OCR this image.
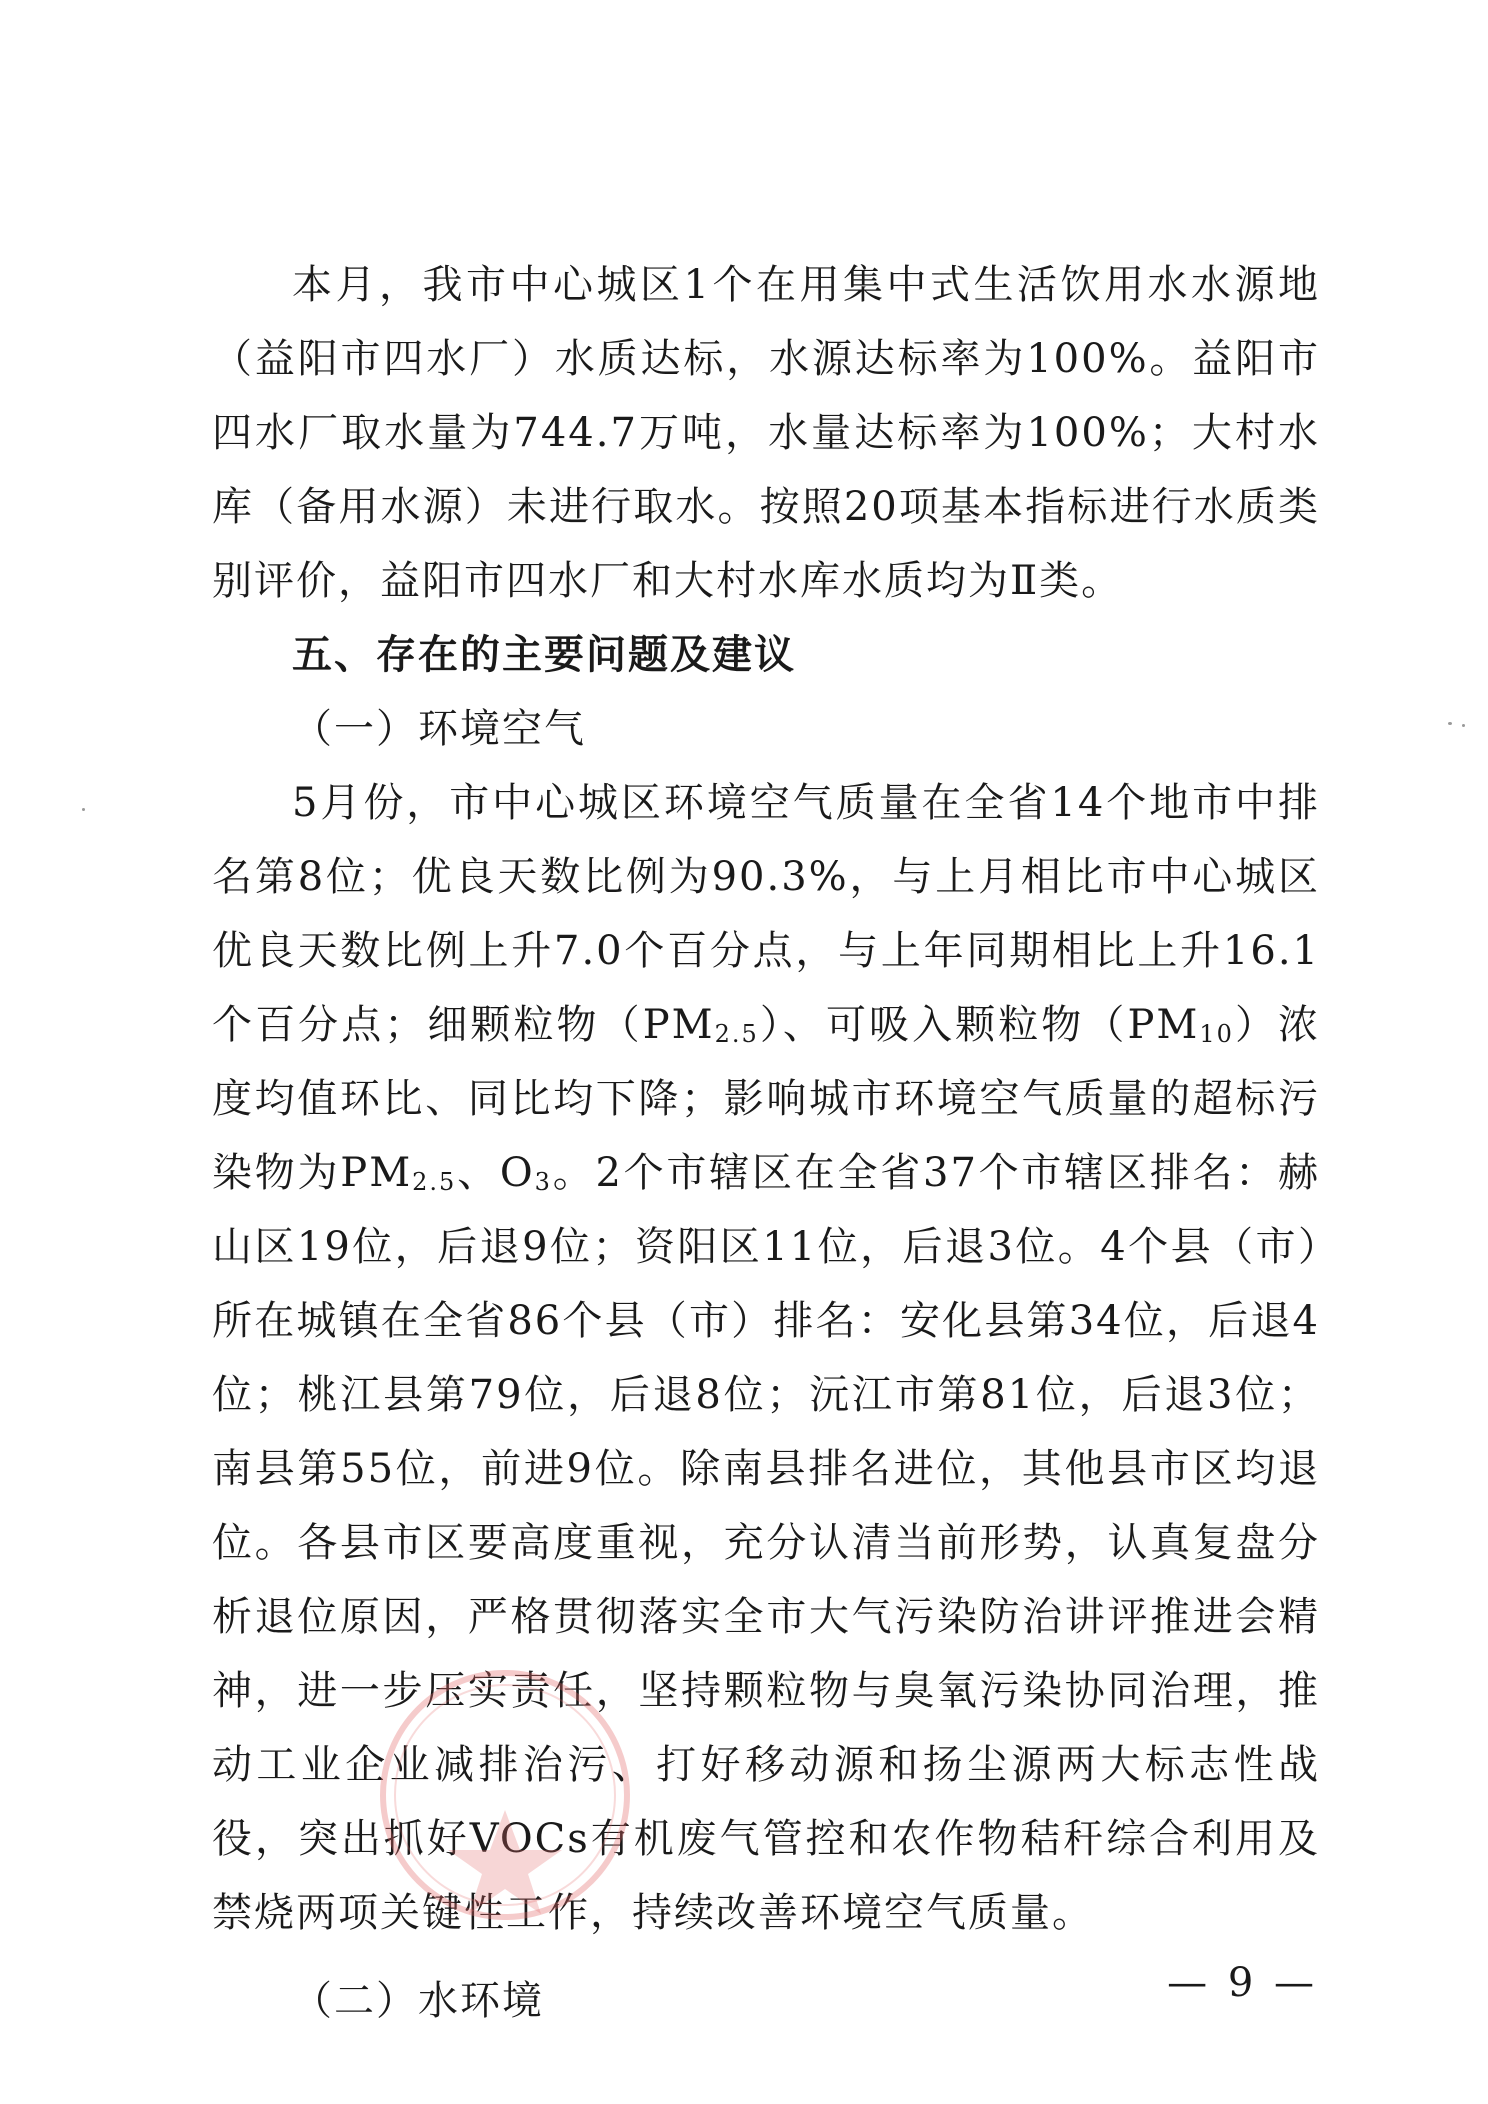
本月，我市中心城区1个在用集中式生活饮用水水源地（益阳市四水厂）水质达标，水源达标率为100%。益阳市四水厂取水量为744.7万吨，水量达标率为100%；大村水库（备用水源）未进行取水。按照20项基本指标进行水质类别评价，益阳市四水厂和大村水库水质均为Ⅱ类。

五、存在的主要问题及建议

（一）环境空气

5月份，市中心城区环境空气质量在全省14个地市中排名第8位；优良天数比例为90.3%，与上月相比市中心城区优良天数比例上升7.0个百分点，与上年同期相比上升16.1个百分点；细颗粒物$(PM_{2.5})$、可吸入颗粒物$(PM_{10})$浓度均值环比、同比均下降；影响城市环境空气质量的超标污染物为$PM_{2.5}$、$O_3$。2个市辖区在全省37个市辖区排名：赫山区19位，后退9位；资阳区11位，后退3位。4个县（市）所在城镇在全省86个县（市）排名：安化县第34位，后退4位；桃江县第79位，后退8位；沅江市第81位，后退3位；南县第55位，前进9位。除南县排名进位，其他县市区均退位。各县市区要高度重视，充分认清当前形势，认真复盘分析退位原因，严格贯彻落实全市大气污染防治讲评推进会精神，进一步压实责任，坚持颗粒物与臭氧污染协同治理，推动工业企业减排治污、打好移动源和扬尘源两大标志性战役，突出抓好VOCs有机废气管控和农作物秸秆综合利用及禁烧两项关键性工作，持续改善环境空气质量。

（二）水环境	— 9 —
